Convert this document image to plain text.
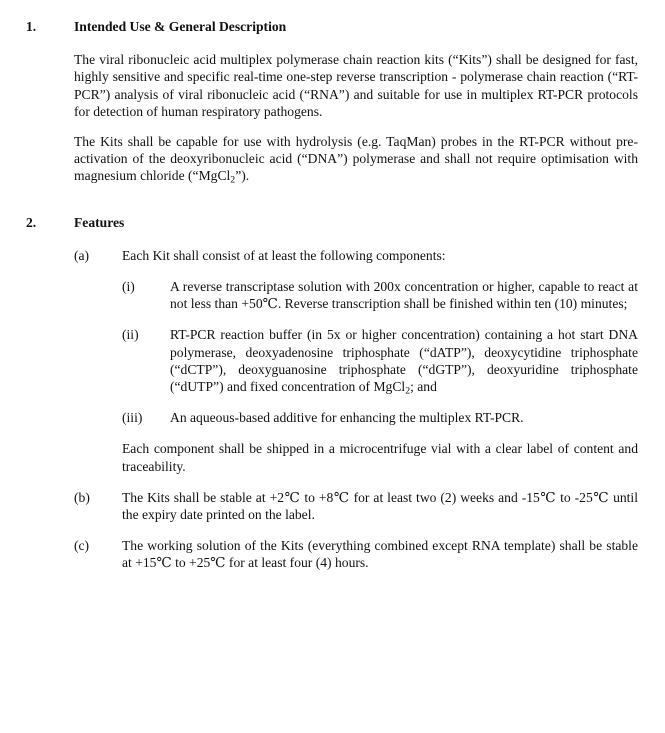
1.	Intended Use & General Description
The viral ribonucleic acid multiplex polymerase chain reaction kits (“Kits”) shall be designed for fast, highly sensitive and specific real-time one-step reverse transcription - polymerase chain reaction (“RT-PCR”) analysis of viral ribonucleic acid (“RNA”) and suitable for use in multiplex RT-PCR protocols for detection of human respiratory pathogens.
The Kits shall be capable for use with hydrolysis (e.g. TaqMan) probes in the RT-PCR without pre-activation of the deoxyribonucleic acid (“DNA”) polymerase and shall not require optimisation with magnesium chloride (“MgCl$_2$”).
2.	Features
(a)	Each Kit shall consist of at least the following components:
(i)	A reverse transcriptase solution with 200x concentration or higher, capable to react at not less than +50℃. Reverse transcription shall be finished within ten (10) minutes;
(ii)	RT-PCR reaction buffer (in 5x or higher concentration) containing a hot start DNA polymerase, deoxyadenosine triphosphate (“dATP”), deoxycytidine triphosphate (“dCTP”), deoxyguanosine triphosphate (“dGTP”), deoxyuridine triphosphate (“dUTP”) and fixed concentration of MgCl$_2$; and
(iii)	An aqueous-based additive for enhancing the multiplex RT-PCR.
Each component shall be shipped in a microcentrifuge vial with a clear label of content and traceability.
(b)	The Kits shall be stable at +2℃ to +8℃ for at least two (2) weeks and -15℃ to -25℃ until the expiry date printed on the label.
(c)	The working solution of the Kits (everything combined except RNA template) shall be stable at +15℃ to +25℃ for at least four (4) hours.
